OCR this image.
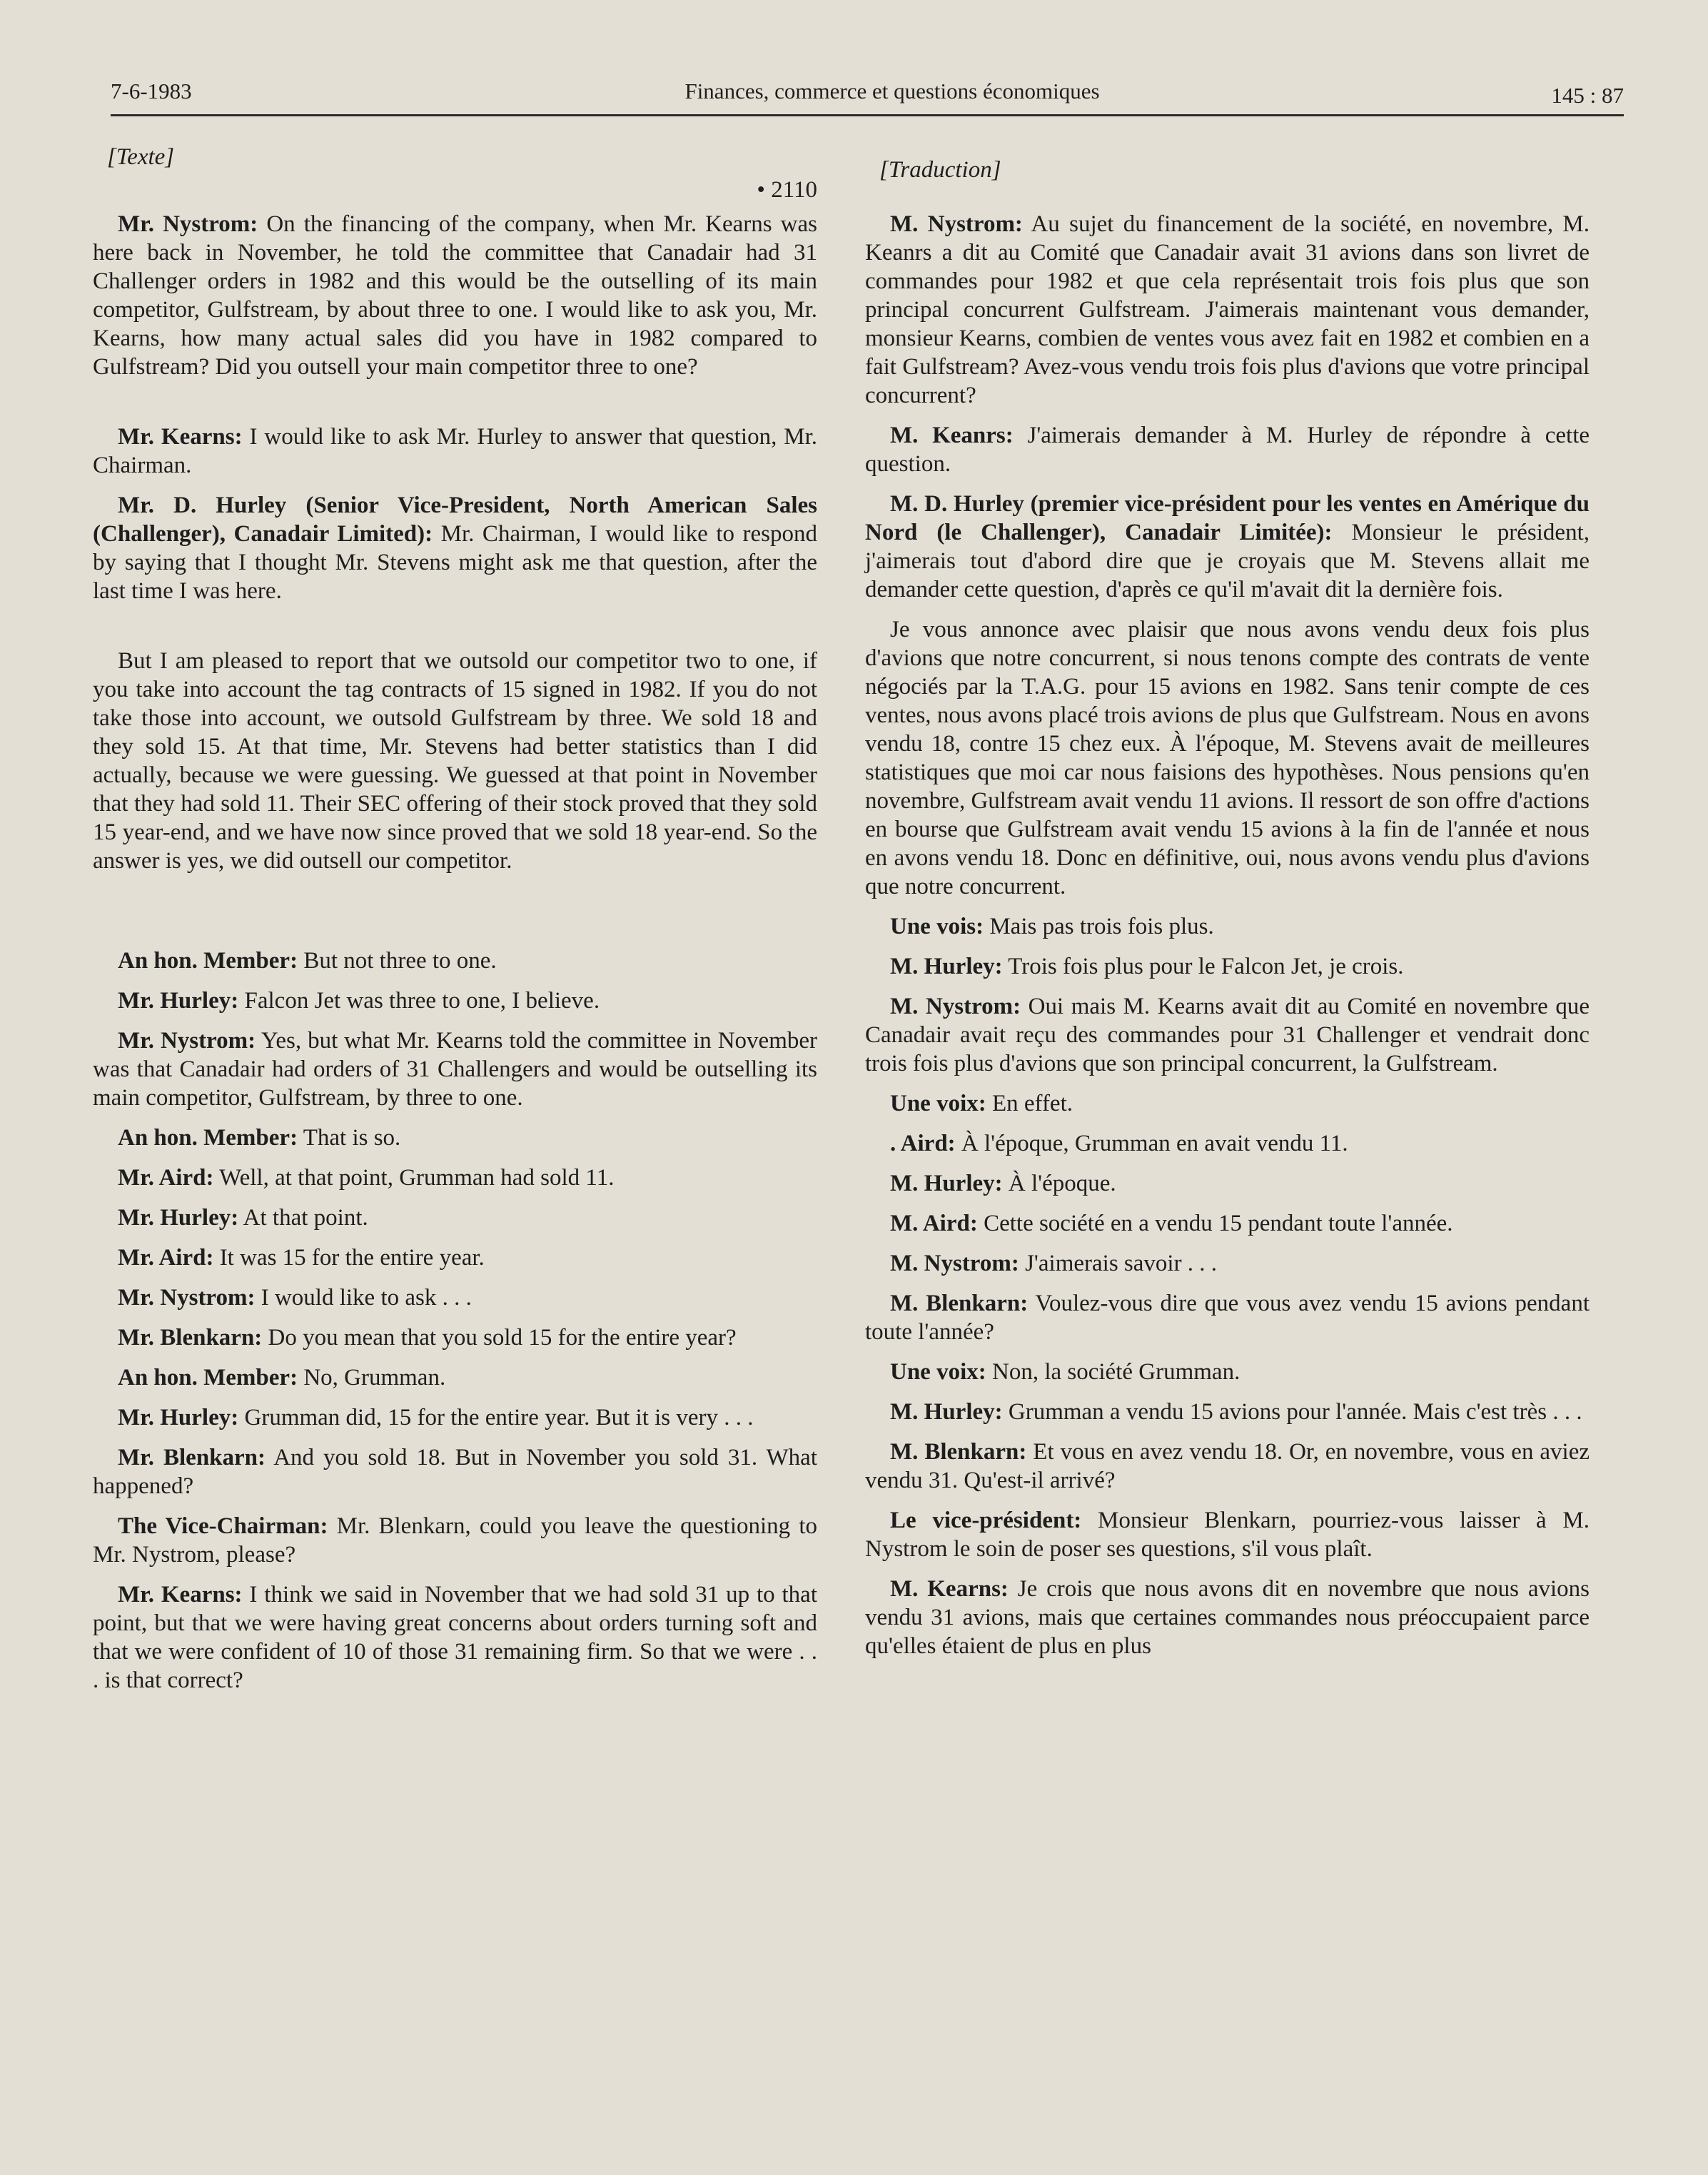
7-6-1983	Finances, commerce et questions économiques	145 : 87
[Texte]
• 2110

Mr. Nystrom: On the financing of the company, when Mr. Kearns was here back in November, he told the committee that Canadair had 31 Challenger orders in 1982 and this would be the outselling of its main competitor, Gulfstream, by about three to one. I would like to ask you, Mr. Kearns, how many actual sales did you have in 1982 compared to Gulfstream? Did you outsell your main competitor three to one?

Mr. Kearns: I would like to ask Mr. Hurley to answer that question, Mr. Chairman.

Mr. D. Hurley (Senior Vice-President, North American Sales (Challenger), Canadair Limited): Mr. Chairman, I would like to respond by saying that I thought Mr. Stevens might ask me that question, after the last time I was here.

But I am pleased to report that we outsold our competitor two to one, if you take into account the tag contracts of 15 signed in 1982. If you do not take those into account, we outsold Gulfstream by three. We sold 18 and they sold 15. At that time, Mr. Stevens had better statistics than I did actually, because we were guessing. We guessed at that point in November that they had sold 11. Their SEC offering of their stock proved that they sold 15 year-end, and we have now since proved that we sold 18 year-end. So the answer is yes, we did outsell our competitor.

An hon. Member: But not three to one.

Mr. Hurley: Falcon Jet was three to one, I believe.

Mr. Nystrom: Yes, but what Mr. Kearns told the committee in November was that Canadair had orders of 31 Challengers and would be outselling its main competitor, Gulfstream, by three to one.

An hon. Member: That is so.

Mr. Aird: Well, at that point, Grumman had sold 11.

Mr. Hurley: At that point.

Mr. Aird: It was 15 for the entire year.

Mr. Nystrom: I would like to ask . . .

Mr. Blenkarn: Do you mean that you sold 15 for the entire year?

An hon. Member: No, Grumman.

Mr. Hurley: Grumman did, 15 for the entire year. But it is very . . .

Mr. Blenkarn: And you sold 18. But in November you sold 31. What happened?

The Vice-Chairman: Mr. Blenkarn, could you leave the questioning to Mr. Nystrom, please?

Mr. Kearns: I think we said in November that we had sold 31 up to that point, but that we were having great concerns about orders turning soft and that we were confident of 10 of those 31 remaining firm. So that we were . . . is that correct?

[Traduction]

M. Nystrom: Au sujet du financement de la société, en novembre, M. Keanrs a dit au Comité que Canadair avait 31 avions dans son livret de commandes pour 1982 et que cela représentait trois fois plus que son principal concurrent Gulfstream. J'aimerais maintenant vous demander, monsieur Kearns, combien de ventes vous avez fait en 1982 et combien en a fait Gulfstream? Avez-vous vendu trois fois plus d'avions que votre principal concurrent?

M. Keanrs: J'aimerais demander à M. Hurley de répondre à cette question.

M. D. Hurley (premier vice-président pour les ventes en Amérique du Nord (le Challenger), Canadair Limitée): Monsieur le président, j'aimerais tout d'abord dire que je croyais que M. Stevens allait me demander cette question, d'après ce qu'il m'avait dit la dernière fois.

Je vous annonce avec plaisir que nous avons vendu deux fois plus d'avions que notre concurrent, si nous tenons compte des contrats de vente négociés par la T.A.G. pour 15 avions en 1982. Sans tenir compte de ces ventes, nous avons placé trois avions de plus que Gulfstream. Nous en avons vendu 18, contre 15 chez eux. À l'époque, M. Stevens avait de meilleures statistiques que moi car nous faisions des hypothèses. Nous pensions qu'en novembre, Gulfstream avait vendu 11 avions. Il ressort de son offre d'actions en bourse que Gulfstream avait vendu 15 avions à la fin de l'année et nous en avons vendu 18. Donc en définitive, oui, nous avons vendu plus d'avions que notre concurrent.

Une vois: Mais pas trois fois plus.

M. Hurley: Trois fois plus pour le Falcon Jet, je crois.

M. Nystrom: Oui mais M. Kearns avait dit au Comité en novembre que Canadair avait reçu des commandes pour 31 Challenger et vendrait donc trois fois plus d'avions que son principal concurrent, la Gulfstream.

Une voix: En effet.

. Aird: À l'époque, Grumman en avait vendu 11.

M. Hurley: À l'époque.

M. Aird: Cette société en a vendu 15 pendant toute l'année.

M. Nystrom: J'aimerais savoir . . .

M. Blenkarn: Voulez-vous dire que vous avez vendu 15 avions pendant toute l'année?

Une voix: Non, la société Grumman.

M. Hurley: Grumman a vendu 15 avions pour l'année. Mais c'est très . . .

M. Blenkarn: Et vous en avez vendu 18. Or, en novembre, vous en aviez vendu 31. Qu'est-il arrivé?

Le vice-président: Monsieur Blenkarn, pourriez-vous laisser à M. Nystrom le soin de poser ses questions, s'il vous plaît.

M. Kearns: Je crois que nous avons dit en novembre que nous avions vendu 31 avions, mais que certaines commandes nous préoccupaient parce qu'elles étaient de plus en plus
